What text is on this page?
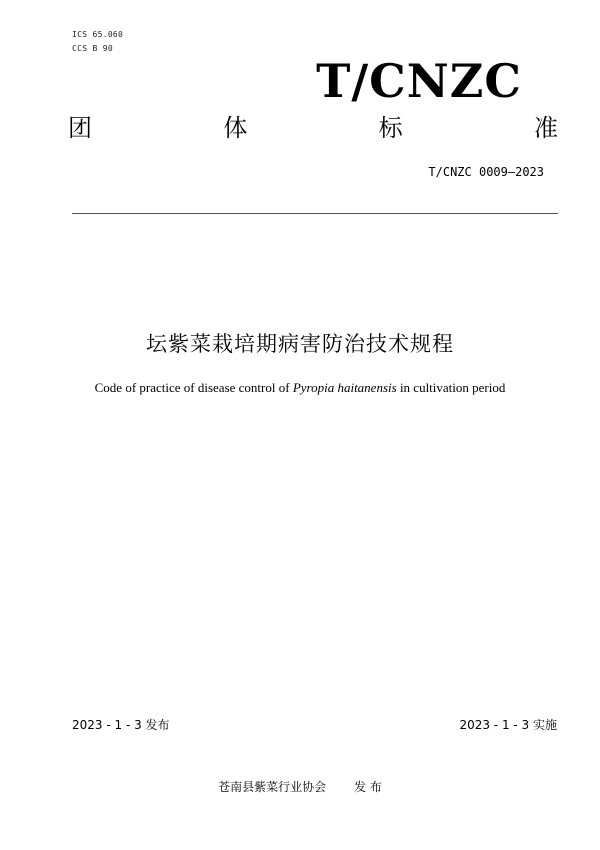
ICS 65.060
CCS B 90
T/CNZC
团	体	标	准
T/CNZC 0009—2023
坛紫菜栽培期病害防治技术规程
Code of practice of disease control of Pyropia haitanensis in cultivation period
2023 - 1 - 3 发布	2023 - 1 - 3 实施
苍南县紫菜行业协会 发 布
